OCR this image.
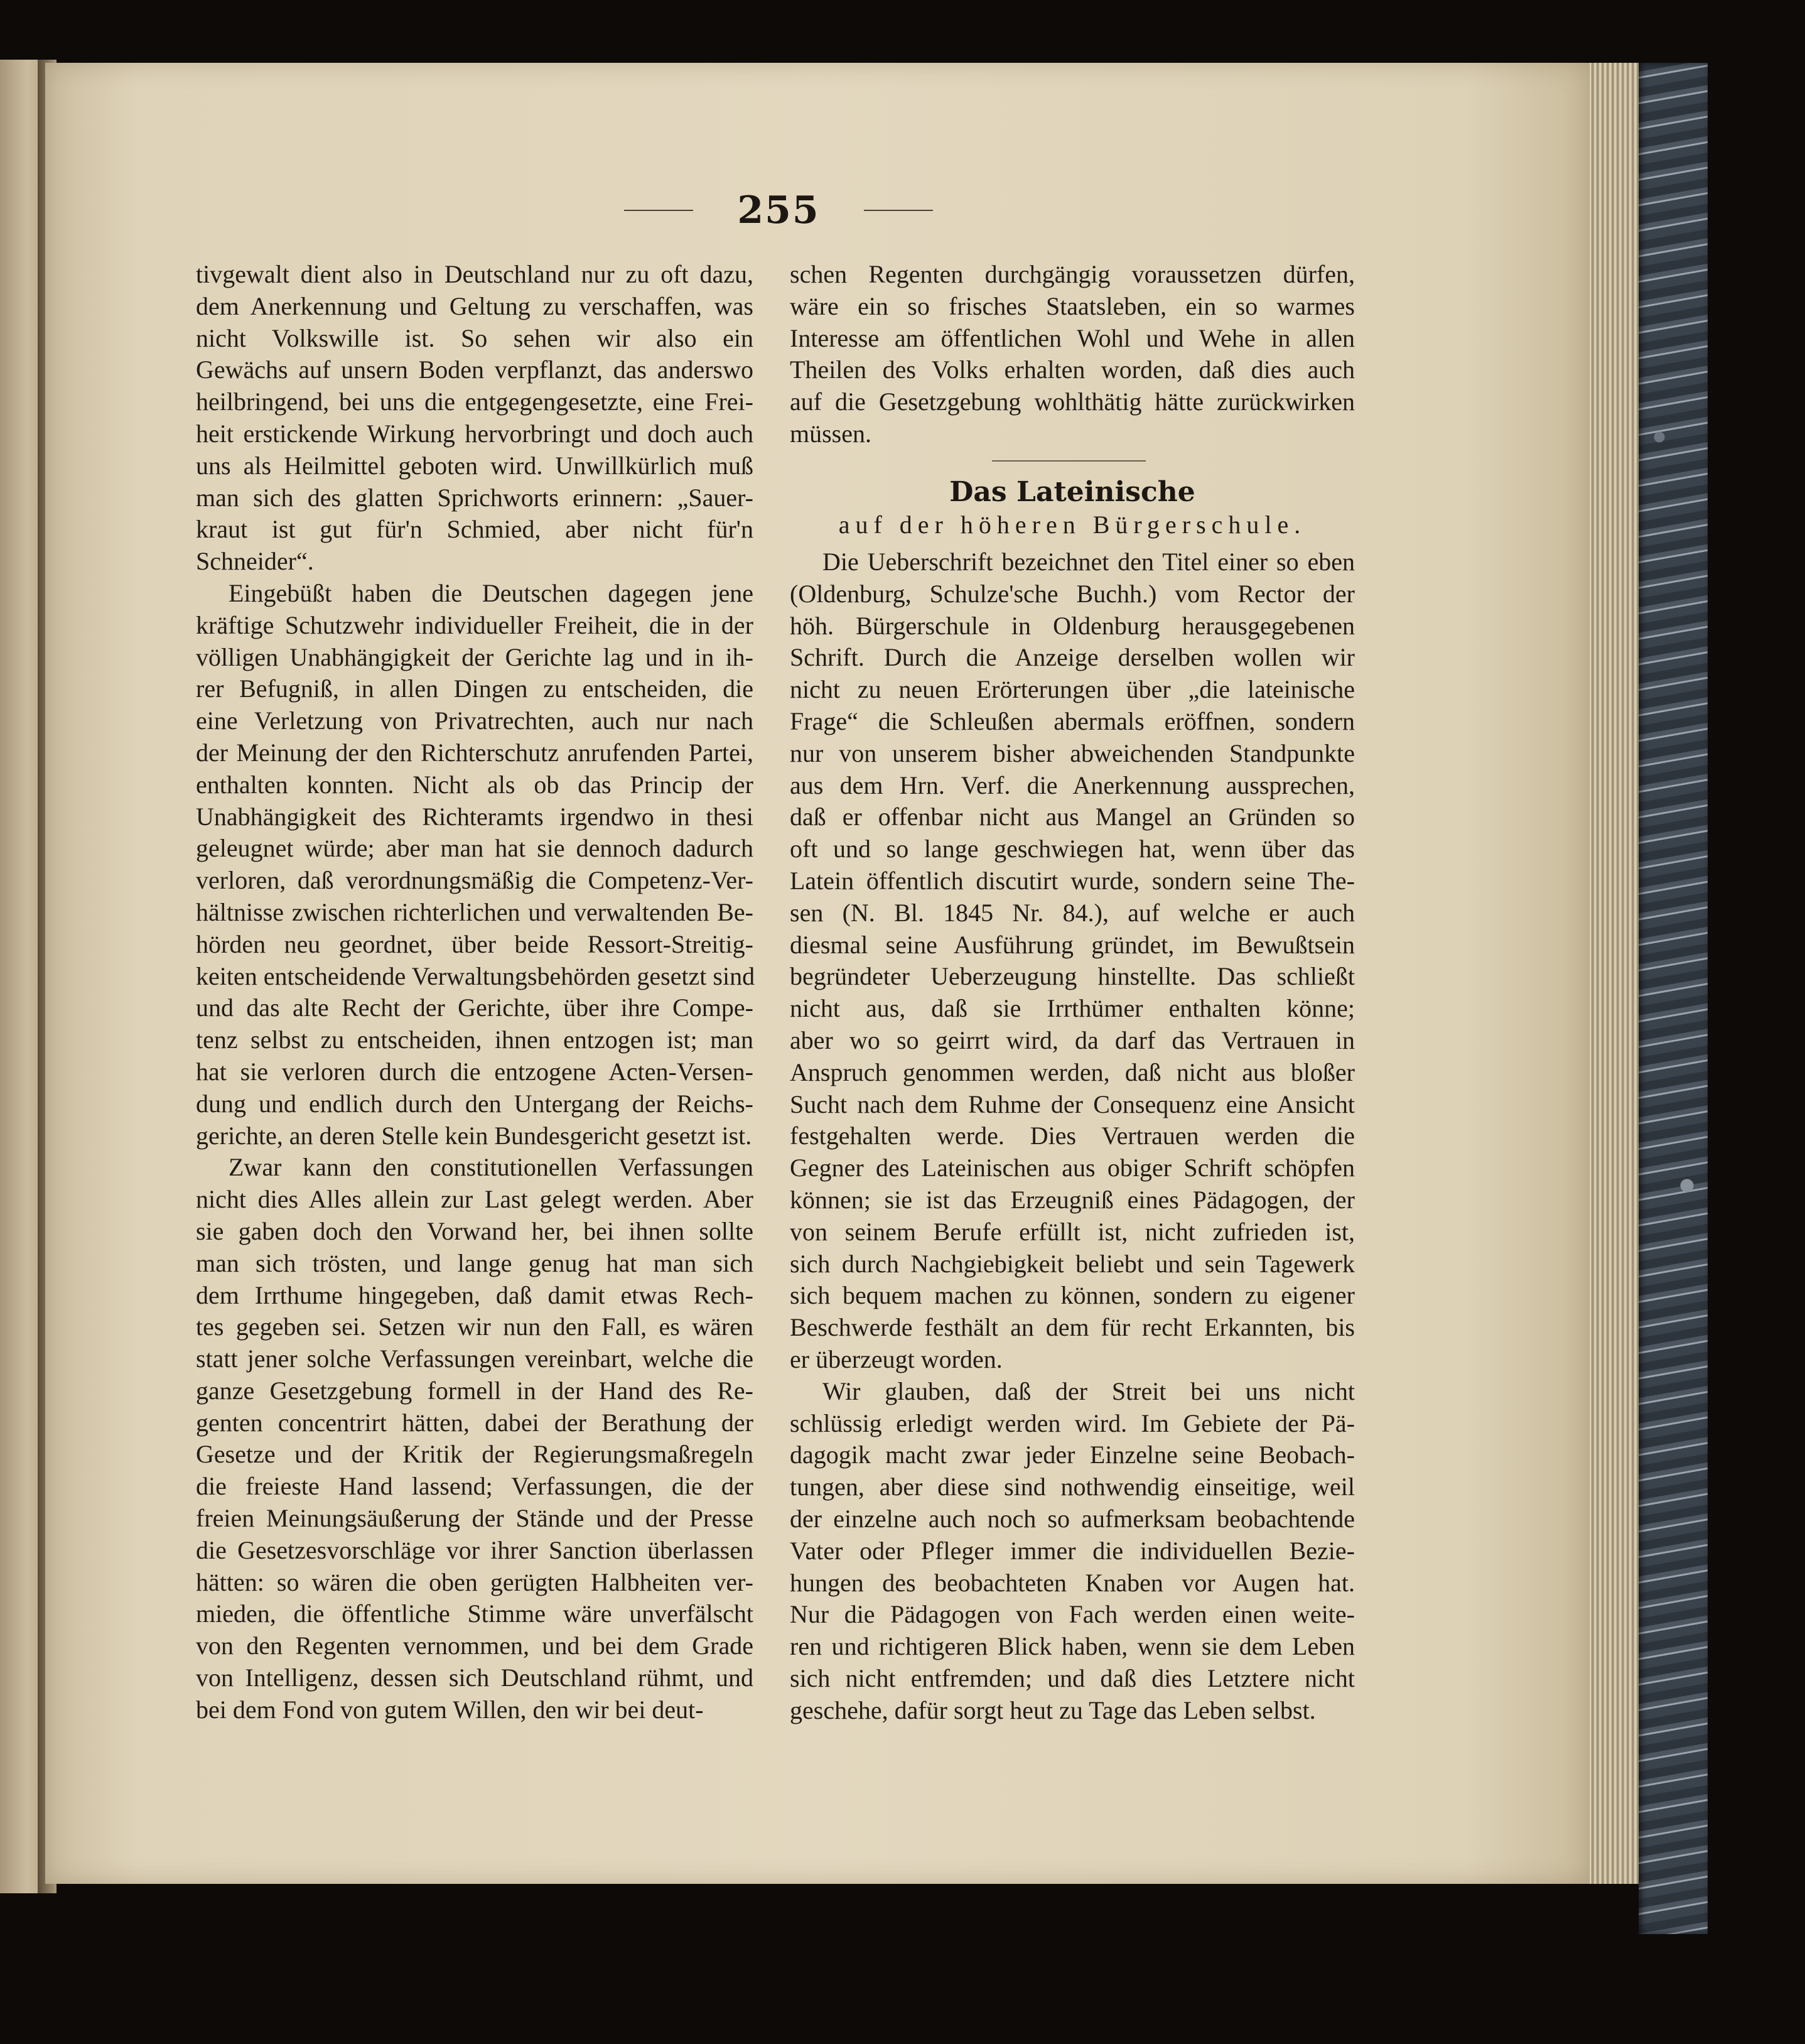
255
tivgewalt dient also in Deutschland nur zu oft dazu,
dem Anerkennung und Geltung zu verschaffen, was
nicht Volkswille ist. So sehen wir also ein
Gewächs auf unsern Boden verpflanzt, das anderswo
heilbringend, bei uns die entgegengesetzte, eine Frei-
heit erstickende Wirkung hervorbringt und doch auch
uns als Heilmittel geboten wird. Unwillkürlich muß
man sich des glatten Sprichworts erinnern: „Sauer-
kraut ist gut für'n Schmied, aber nicht für'n
Schneider“.
Eingebüßt haben die Deutschen dagegen jene
kräftige Schutzwehr individueller Freiheit, die in der
völligen Unabhängigkeit der Gerichte lag und in ih-
rer Befugniß, in allen Dingen zu entscheiden, die
eine Verletzung von Privatrechten, auch nur nach
der Meinung der den Richterschutz anrufenden Partei,
enthalten konnten. Nicht als ob das Princip der
Unabhängigkeit des Richteramts irgendwo in thesi
geleugnet würde; aber man hat sie dennoch dadurch
verloren, daß verordnungsmäßig die Competenz-Ver-
hältnisse zwischen richterlichen und verwaltenden Be-
hörden neu geordnet, über beide Ressort-Streitig-
keiten entscheidende Verwaltungsbehörden gesetzt sind
und das alte Recht der Gerichte, über ihre Compe-
tenz selbst zu entscheiden, ihnen entzogen ist; man
hat sie verloren durch die entzogene Acten-Versen-
dung und endlich durch den Untergang der Reichs-
gerichte, an deren Stelle kein Bundesgericht gesetzt ist.
Zwar kann den constitutionellen Verfassungen
nicht dies Alles allein zur Last gelegt werden. Aber
sie gaben doch den Vorwand her, bei ihnen sollte
man sich trösten, und lange genug hat man sich
dem Irrthume hingegeben, daß damit etwas Rech-
tes gegeben sei. Setzen wir nun den Fall, es wären
statt jener solche Verfassungen vereinbart, welche die
ganze Gesetzgebung formell in der Hand des Re-
genten concentrirt hätten, dabei der Berathung der
Gesetze und der Kritik der Regierungsmaßregeln
die freieste Hand lassend; Verfassungen, die der
freien Meinungsäußerung der Stände und der Presse
die Gesetzesvorschläge vor ihrer Sanction überlassen
hätten: so wären die oben gerügten Halbheiten ver-
mieden, die öffentliche Stimme wäre unverfälscht
von den Regenten vernommen, und bei dem Grade
von Intelligenz, dessen sich Deutschland rühmt, und
bei dem Fond von gutem Willen, den wir bei deut-
schen Regenten durchgängig voraussetzen dürfen,
wäre ein so frisches Staatsleben, ein so warmes
Interesse am öffentlichen Wohl und Wehe in allen
Theilen des Volks erhalten worden, daß dies auch
auf die Gesetzgebung wohlthätig hätte zurückwirken
müssen.
Das Lateinische
auf der höheren Bürgerschule.
Die Ueberschrift bezeichnet den Titel einer so eben
(Oldenburg, Schulze'sche Buchh.) vom Rector der
höh. Bürgerschule in Oldenburg herausgegebenen
Schrift. Durch die Anzeige derselben wollen wir
nicht zu neuen Erörterungen über „die lateinische
Frage“ die Schleußen abermals eröffnen, sondern
nur von unserem bisher abweichenden Standpunkte
aus dem Hrn. Verf. die Anerkennung aussprechen,
daß er offenbar nicht aus Mangel an Gründen so
oft und so lange geschwiegen hat, wenn über das
Latein öffentlich discutirt wurde, sondern seine The-
sen (N. Bl. 1845 Nr. 84.), auf welche er auch
diesmal seine Ausführung gründet, im Bewußtsein
begründeter Ueberzeugung hinstellte. Das schließt
nicht aus, daß sie Irrthümer enthalten könne;
aber wo so geirrt wird, da darf das Vertrauen in
Anspruch genommen werden, daß nicht aus bloßer
Sucht nach dem Ruhme der Consequenz eine Ansicht
festgehalten werde. Dies Vertrauen werden die
Gegner des Lateinischen aus obiger Schrift schöpfen
können; sie ist das Erzeugniß eines Pädagogen, der
von seinem Berufe erfüllt ist, nicht zufrieden ist,
sich durch Nachgiebigkeit beliebt und sein Tagewerk
sich bequem machen zu können, sondern zu eigener
Beschwerde festhält an dem für recht Erkannten, bis
er überzeugt worden.
Wir glauben, daß der Streit bei uns nicht
schlüssig erledigt werden wird. Im Gebiete der Pä-
dagogik macht zwar jeder Einzelne seine Beobach-
tungen, aber diese sind nothwendig einseitige, weil
der einzelne auch noch so aufmerksam beobachtende
Vater oder Pfleger immer die individuellen Bezie-
hungen des beobachteten Knaben vor Augen hat.
Nur die Pädagogen von Fach werden einen weite-
ren und richtigeren Blick haben, wenn sie dem Leben
sich nicht entfremden; und daß dies Letztere nicht
geschehe, dafür sorgt heut zu Tage das Leben selbst.
